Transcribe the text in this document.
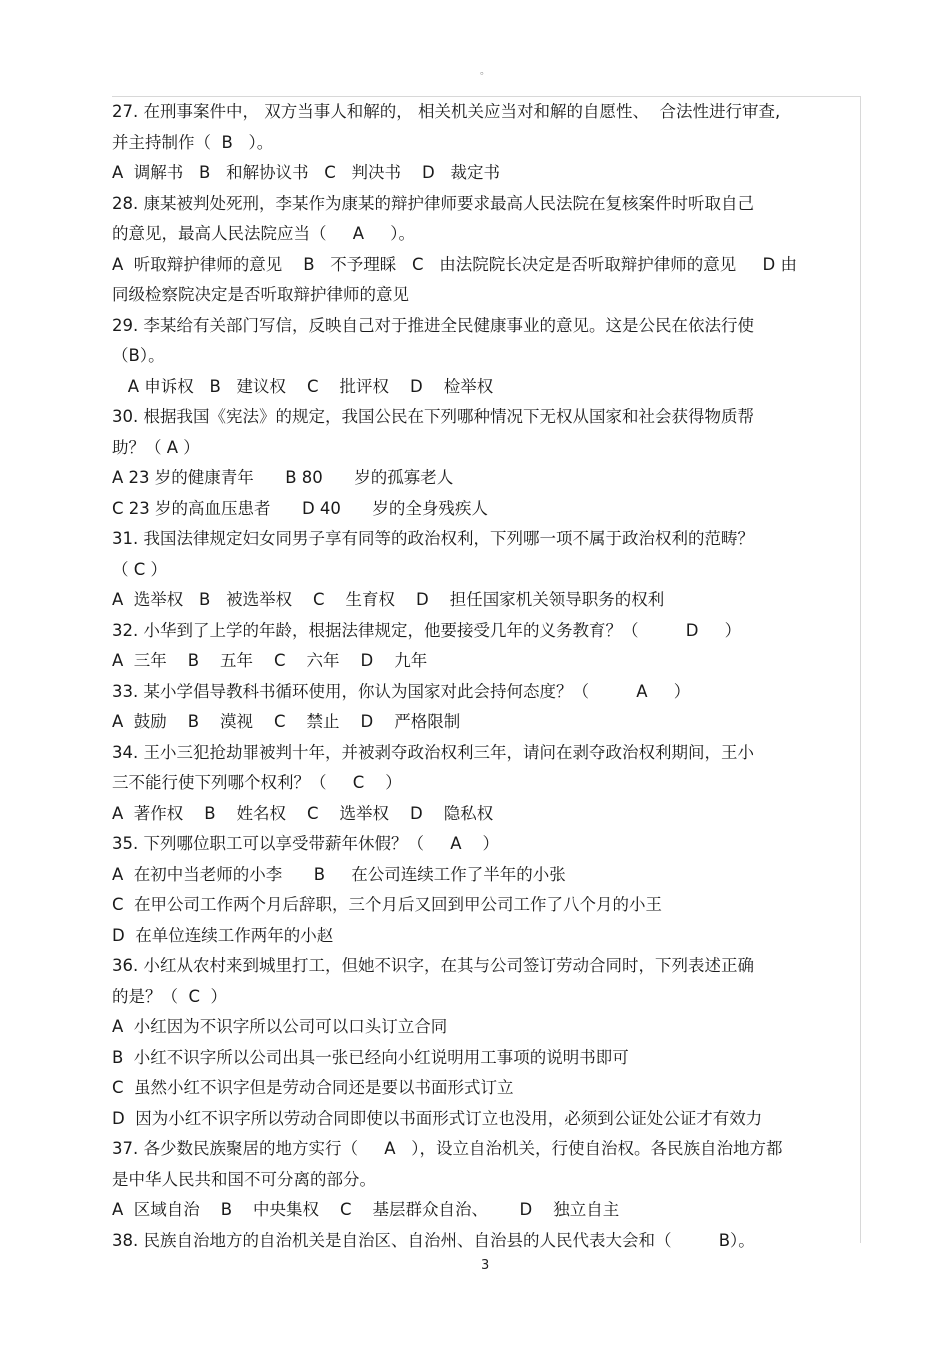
。
27. 在刑事案件中， 双方当事人和解的， 相关机关应当对和解的自愿性、  合法性进行审查,
并主持制作（  B   ）。
A  调解书   B   和解协议书   C   判决书    D   裁定书
28. 康某被判处死刑，李某作为康某的辩护律师要求最高人民法院在复核案件时听取自己
的意见，最高人民法院应当（     A     ）。
A  听取辩护律师的意见    B   不予理睬   C   由法院院长决定是否听取辩护律师的意见     D 由
同级检察院决定是否听取辩护律师的意见
29. 李某给有关部门写信，反映自己对于推进全民健康事业的意见。这是公民在依法行使
（B）。
A 申诉权   B   建议权    C    批评权    D    检举权
30. 根据我国《宪法》的规定，我国公民在下列哪种情况下无权从国家和社会获得物质帮
助？（ A ）
A 23 岁的健康青年      B 80      岁的孤寡老人
C 23 岁的高血压患者      D 40      岁的全身残疾人
31. 我国法律规定妇女同男子享有同等的政治权利，下列哪一项不属于政治权利的范畴？
（ C ）
A  选举权   B   被选举权    C    生育权    D    担任国家机关领导职务的权利
32. 小华到了上学的年龄，根据法律规定，他要接受几年的义务教育？（         D     ）
A  三年    B    五年    C    六年    D    九年
33. 某小学倡导教科书循环使用，你认为国家对此会持何态度？（         A     ）
A  鼓励    B    漠视    C    禁止    D    严格限制
34. 王小三犯抢劫罪被判十年，并被剥夺政治权利三年，请问在剥夺政治权利期间，王小
三不能行使下列哪个权利？（     C    ）
A  著作权    B    姓名权    C    选举权    D    隐私权
35. 下列哪位职工可以享受带薪年休假？（     A    ）
A  在初中当老师的小李      B     在公司连续工作了半年的小张
C  在甲公司工作两个月后辞职，三个月后又回到甲公司工作了八个月的小王
D  在单位连续工作两年的小赵
36. 小红从农村来到城里打工，但她不识字，在其与公司签订劳动合同时，下列表述正确
的是？（  C  ）
A  小红因为不识字所以公司可以口头订立合同
B  小红不识字所以公司出具一张已经向小红说明用工事项的说明书即可
C  虽然小红不识字但是劳动合同还是要以书面形式订立
D  因为小红不识字所以劳动合同即使以书面形式订立也没用，必须到公证处公证才有效力
37. 各少数民族聚居的地方实行（     A   ），设立自治机关，行使自治权。各民族自治地方都
是中华人民共和国不可分离的部分。
A  区域自治    B    中央集权    C    基层群众自治、      D    独立自主
38. 民族自治地方的自治机关是自治区、自治州、自治县的人民代表大会和（         B）。
3
